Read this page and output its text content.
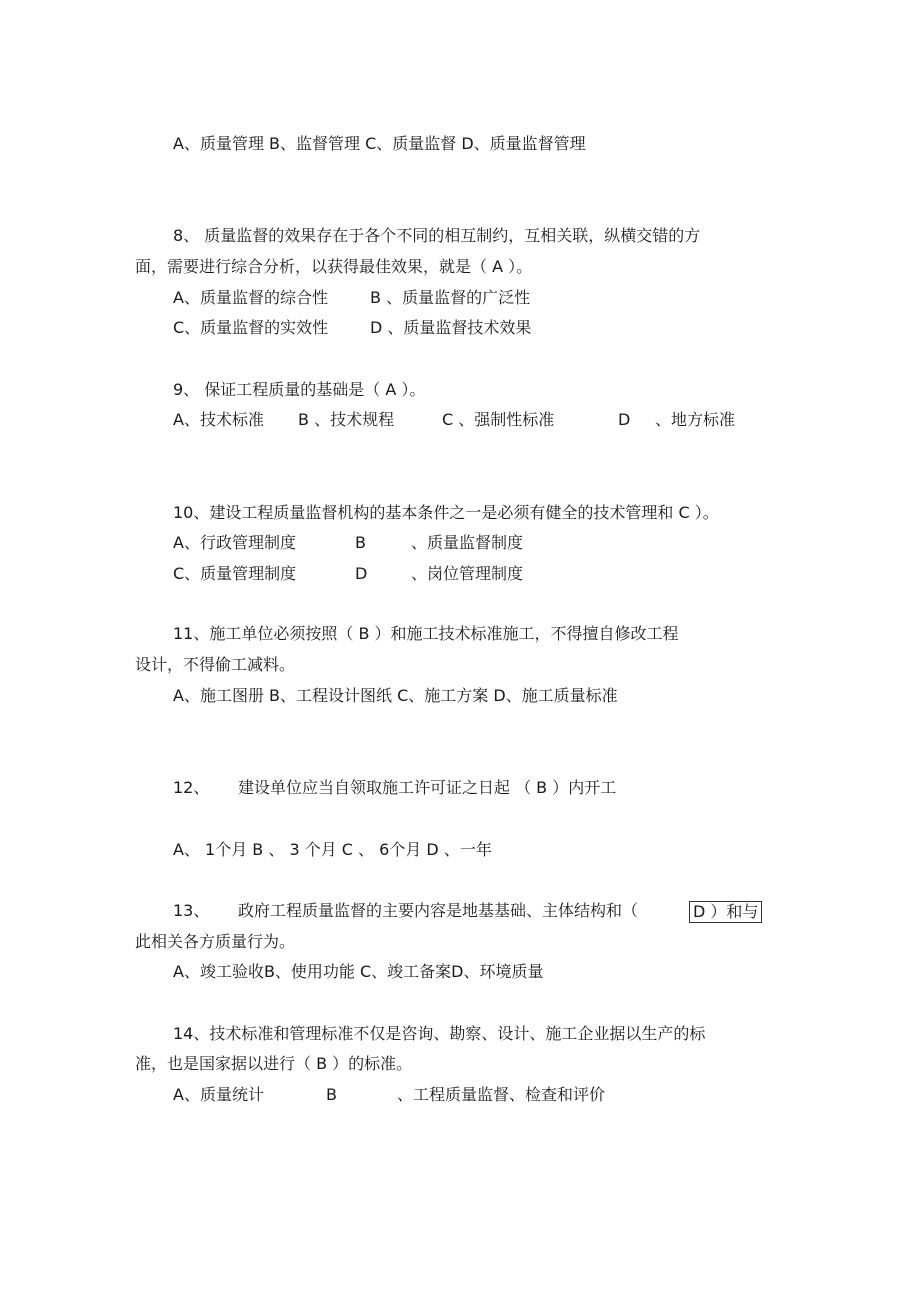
A、质量管理 B、监督管理 C、质量监督 D、质量监督管理
8、 质量监督的效果存在于各个不同的相互制约，互相关联，纵横交错的方
面，需要进行综合分析，以获得最佳效果，就是（ A ）。
A、质量监督的综合性	B 、质量监督的广泛性
C、质量监督的实效性	D 、质量监督技术效果
9、 保证工程质量的基础是（ A ）。
A、技术标准 B 、技术规程	C 、强制性标准	D 、地方标准
10、建设工程质量监督机构的基本条件之一是必须有健全的技术管理和 C ）。
A、行政管理制度	B	、质量监督制度
C、质量管理制度	D	、岗位管理制度
11、施工单位必须按照（ B ）和施工技术标准施工，不得擅自修改工程
设计，不得偷工减料。
A、施工图册 B、工程设计图纸 C、施工方案 D、施工质量标准
12、 建设单位应当自领取施工许可证之日起 （ B ）内开工
A、 1个月 B 、 3 个月 C 、 6个月 D 、一年
13、 政府工程质量监督的主要内容是地基基础、主体结构和（	D ）和与
此相关各方质量行为。
A、竣工验收B、使用功能 C、竣工备案D、环境质量
14、技术标准和管理标准不仅是咨询、勘察、设计、施工企业据以生产的标
准，也是国家据以进行（ B ）的标准。
A、质量统计	B	、工程质量监督、检查和评价
